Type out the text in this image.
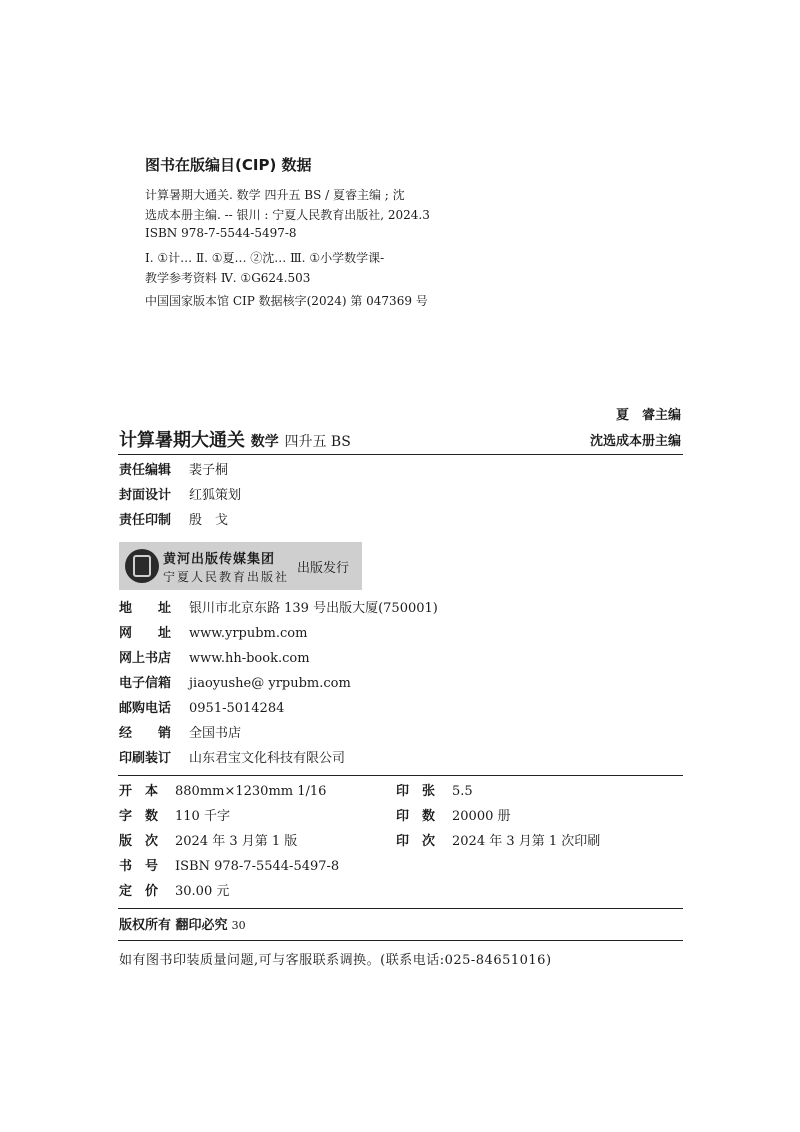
图书在版编目(CIP) 数据
计算暑期大通关. 数学 四升五 BS / 夏睿主编 ; 沈
选成本册主编. -- 银川 : 宁夏人民教育出版社, 2024.3
ISBN 978-7-5544-5497-8
Ⅰ. ①计… Ⅱ. ①夏… ②沈… Ⅲ. ①小学数学课-
教学参考资料 Ⅳ. ①G624.503
中国国家版本馆 CIP 数据核字(2024) 第 047369 号
夏　睿主编
沈选成本册主编
计算暑期大通关 数学 四升五 BS
责任编辑 裴子桐
封面设计 红狐策划
责任印制 殷　戈
黄河出版传媒集团
宁夏人民教育出版社
出版发行
地　　址 银川市北京东路 139 号出版大厦(750001)
网　　址 www.yrpubm.com
网上书店 www.hh-book.com
电子信箱 jiaoyushe@ yrpubm.com
邮购电话 0951-5014284
经　　销 全国书店
印刷装订 山东君宝文化科技有限公司
开　本 880mm×1230mm 1/16
字　数 110 千字
版　次 2024 年 3 月第 1 版
书　号 ISBN 978-7-5544-5497-8
定　价 30.00 元
印　张 5.5
印　数 20000 册
印　次 2024 年 3 月第 1 次印刷
版权所有 翻印必究 30
如有图书印装质量问题,可与客服联系调换。(联系电话:025-84651016)
